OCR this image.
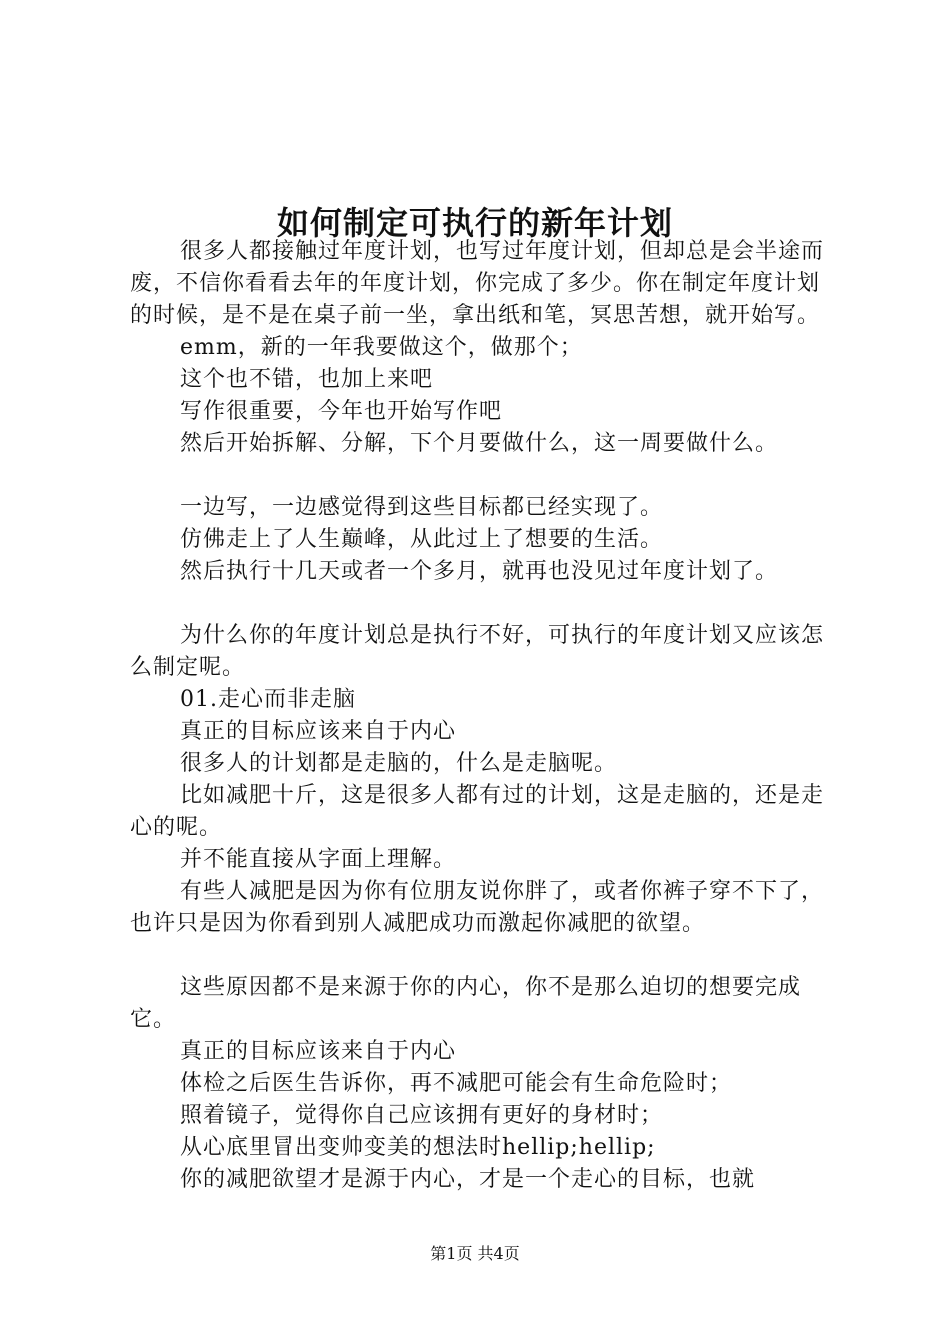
如何制定可执行的新年计划

很多人都接触过年度计划，也写过年度计划，但却总是会半途而废，不信你看看去年的年度计划，你完成了多少。你在制定年度计划的时候，是不是在桌子前一坐，拿出纸和笔，冥思苦想，就开始写。

emm，新的一年我要做这个，做那个；

这个也不错，也加上来吧

写作很重要，今年也开始写作吧

然后开始拆解、分解，下个月要做什么，这一周要做什么。

一边写，一边感觉得到这些目标都已经实现了。

仿佛走上了人生巅峰，从此过上了想要的生活。

然后执行十几天或者一个多月，就再也没见过年度计划了。

为什么你的年度计划总是执行不好，可执行的年度计划又应该怎么制定呢。

01.走心而非走脑

真正的目标应该来自于内心

很多人的计划都是走脑的，什么是走脑呢。

比如减肥十斤，这是很多人都有过的计划，这是走脑的，还是走心的呢。

并不能直接从字面上理解。

有些人减肥是因为你有位朋友说你胖了，或者你裤子穿不下了，也许只是因为你看到别人减肥成功而激起你减肥的欲望。

这些原因都不是来源于你的内心，你不是那么迫切的想要完成它。

真正的目标应该来自于内心

体检之后医生告诉你，再不减肥可能会有生命危险时；

照着镜子，觉得你自己应该拥有更好的身材时；

从心底里冒出变帅变美的想法时hellip;hellip;

你的减肥欲望才是源于内心，才是一个走心的目标，也就

第1页 共4页
